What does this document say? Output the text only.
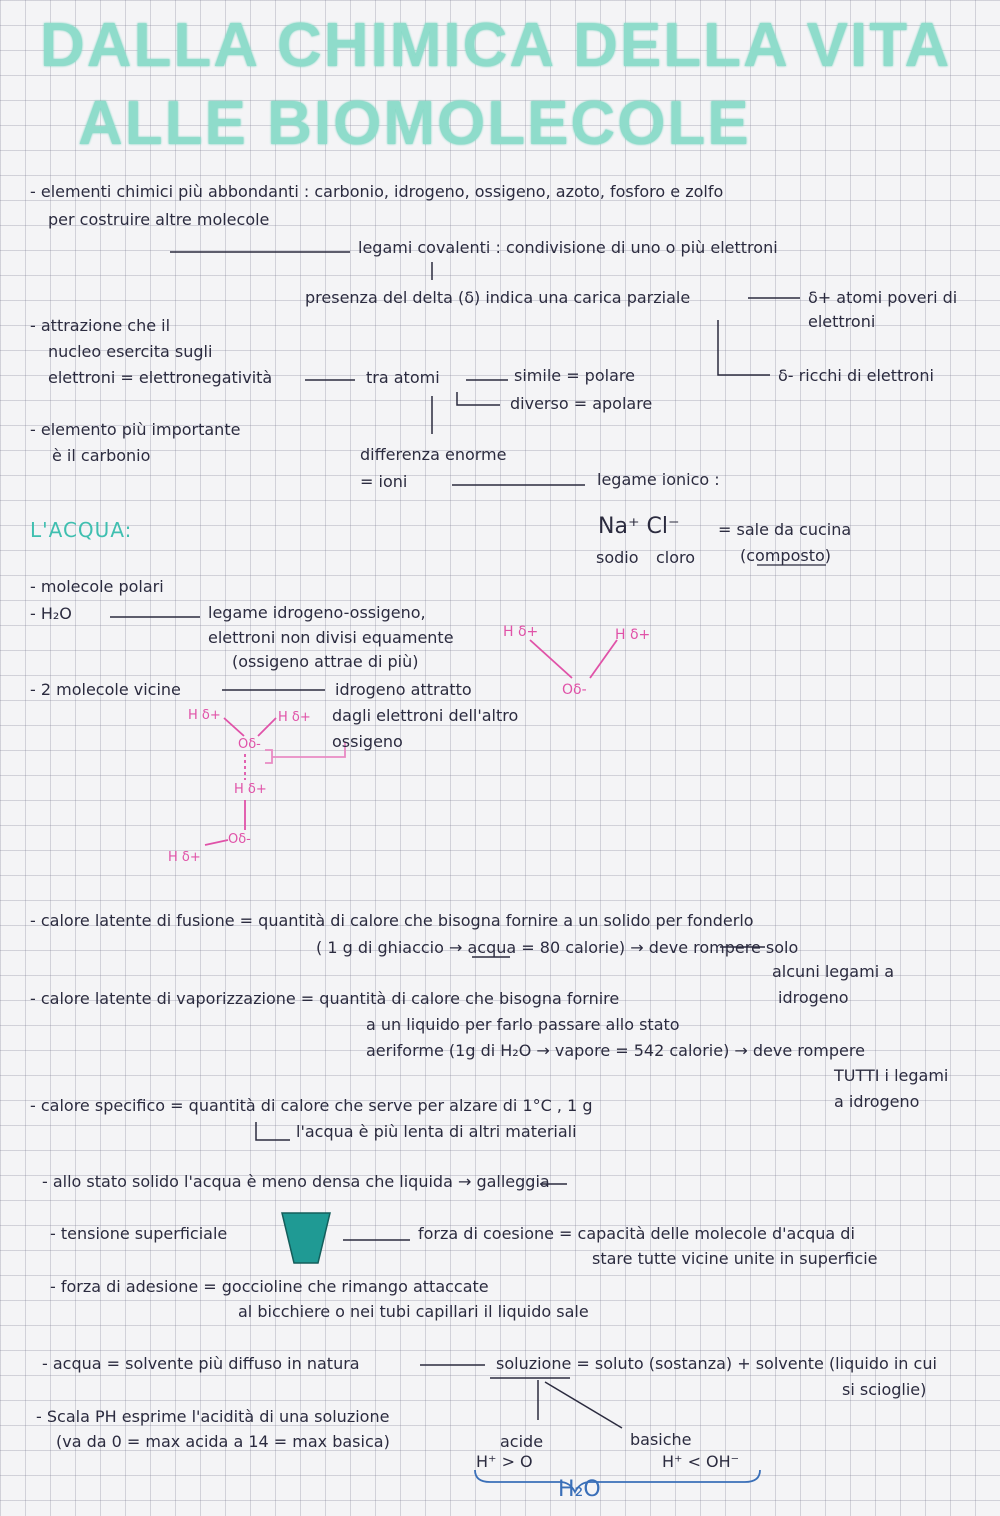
DALLA CHIMICA DELLA VITA
ALLE BIOMOLECOLE
- elementi chimici più abbondanti : carbonio, idrogeno, ossigeno, azoto, fosforo e zolfo
per costruire altre molecole
legami covalenti : condivisione di uno o più elettroni
presenza del delta (δ) indica una carica parziale	δ+ atomi poveri di
elettroni
δ- ricchi di elettroni
- attrazione che il
nucleo esercita sugli
elettroni = elettronegatività	tra atomi	simile = polare
diverso = apolare
- elemento più importante
è il carbonio	differenza enorme
= ioni	legame ionico :
Na⁺ Cl⁻ = sale da cucina
sodio cloro	(composto)
L'ACQUA:
- molecole polari
- H₂O	legame idrogeno-ossigeno,
elettroni non divisi equamente
(ossigeno attrae di più)
- 2 molecole vicine	idrogeno attratto
dagli elettroni dell'altro
ossigeno
H δ+	H δ+
Oδ-
H δ+	H δ+
Oδ-
H δ+
Oδ-
H δ+
- calore latente di fusione = quantità di calore che bisogna fornire a un solido per fonderlo
( 1 g di ghiaccio → acqua = 80 calorie) → deve rompere solo
alcuni legami a
idrogeno
- calore latente di vaporizzazione = quantità di calore che bisogna fornire
a un liquido per farlo passare allo stato
aeriforme (1g di H₂O → vapore = 542 calorie) → deve rompere
TUTTI i legami
a idrogeno
- calore specifico = quantità di calore che serve per alzare di 1°C , 1 g
l'acqua è più lenta di altri materiali
- allo stato solido l'acqua è meno densa che liquida → galleggia
- tensione superficiale	forza di coesione = capacità delle molecole d'acqua di
stare tutte vicine unite in superficie
- forza di adesione = goccioline che rimango attaccate
al bicchiere o nei tubi capillari il liquido sale
- acqua = solvente più diffuso in natura	soluzione = soluto (sostanza) + solvente (liquido in cui
si scioglie)
- Scala PH esprime l'acidità di una soluzione
(va da 0 = max acida a 14 = max basica)	acide	basiche
H⁺ > O	H⁺ < OH⁻
H₂O
